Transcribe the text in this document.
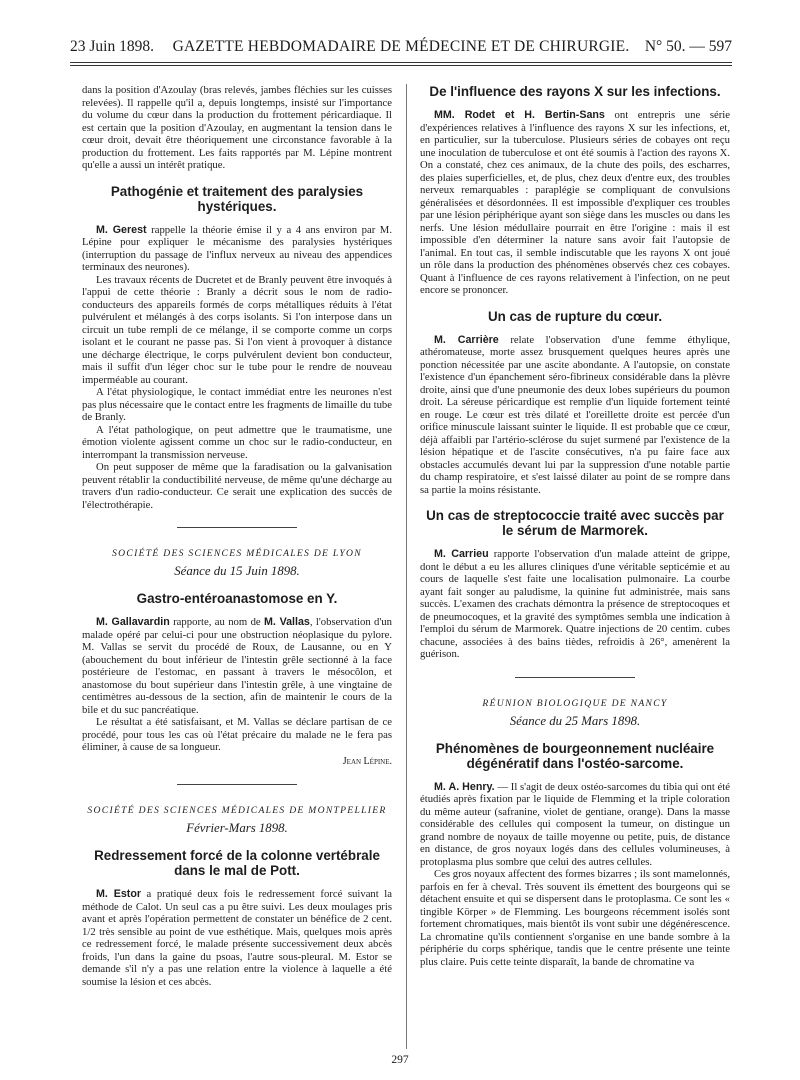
23 Juin 1898.	GAZETTE HEBDOMADAIRE DE MÉDECINE ET DE CHIRURGIE. N° 50. — 597

dans la position d'Azoulay (bras relevés, jambes fléchies sur les cuisses relevées). Il rappelle qu'il a, depuis longtemps, insisté sur l'importance du volume du cœur dans la production du frottement péricardiaque. Il est certain que la position d'Azoulay, en augmentant la tension dans le cœur droit, devait être théoriquement une circonstance favorable à la production du frottement. Les faits rapportés par M. Lépine montrent qu'elle a aussi un intérêt pratique.

Pathogénie et traitement des paralysies hystériques.

M. Gerest rappelle la théorie émise il y a 4 ans environ par M. Lépine pour expliquer le mécanisme des paralysies hystériques (interruption du passage de l'influx nerveux au niveau des appendices terminaux des neurones).

Les travaux récents de Ducretet et de Branly peuvent être invoqués à l'appui de cette théorie : Branly a décrit sous le nom de radio-conducteurs des appareils formés de corps métalliques réduits à l'état pulvérulent et mélangés à des corps isolants. Si l'on interpose dans un circuit un tube rempli de ce mélange, il se comporte comme un corps isolant et le courant ne passe pas. Si l'on vient à provoquer à distance une décharge électrique, le corps pulvérulent devient bon conducteur, mais il suffit d'un léger choc sur le tube pour le rendre de nouveau imperméable au courant.

A l'état physiologique, le contact immédiat entre les neurones n'est pas plus nécessaire que le contact entre les fragments de limaille du tube de Branly.

A l'état pathologique, on peut admettre que le traumatisme, une émotion violente agissent comme un choc sur le radio-conducteur, en interrompant la transmission nerveuse.

On peut supposer de même que la faradisation ou la galvanisation peuvent rétablir la conductibilité nerveuse, de même qu'une décharge au travers d'un radio-conducteur. Ce serait une explication des succès de l'électrothérapie.

SOCIÉTÉ DES SCIENCES MÉDICALES DE LYON
Séance du 15 Juin 1898.
Gastro-entéroanastomose en Y.

M. Gallavardin rapporte, au nom de M. Vallas, l'observation d'un malade opéré par celui-ci pour une obstruction néoplasique du pylore. M. Vallas se servit du procédé de Roux, de Lausanne, ou en Y (abouchement du bout inférieur de l'intestin grêle sectionné à la face postérieure de l'estomac, en passant à travers le mésocôlon, et anastomose du bout supérieur dans l'intestin grêle, à une vingtaine de centimètres au-dessous de la section, afin de maintenir le cours de la bile et du suc pancréatique.

Le résultat a été satisfaisant, et M. Vallas se déclare partisan de ce procédé, pour tous les cas où l'état précaire du malade ne le fera pas éliminer, à cause de sa longueur.

Jean Lépine.

SOCIÉTÉ DES SCIENCES MÉDICALES DE MONTPELLIER
Février-Mars 1898.
Redressement forcé de la colonne vertébrale dans le mal de Pott.

M. Estor a pratiqué deux fois le redressement forcé suivant la méthode de Calot. Un seul cas a pu être suivi. Les deux moulages pris avant et après l'opération permettent de constater un bénéfice de 2 cent. 1/2 très sensible au point de vue esthétique. Mais, quelques mois après ce redressement forcé, le malade présente successivement deux abcès froids, l'un dans la gaine du psoas, l'autre sous-pleural. M. Estor se demande s'il n'y a pas une relation entre la violence à laquelle a été soumise la lésion et ces abcès.

De l'influence des rayons X sur les infections.

MM. Rodet et H. Bertin-Sans ont entrepris une série d'expériences relatives à l'influence des rayons X sur les infections, et, en particulier, sur la tuberculose. Plusieurs séries de cobayes ont reçu une inoculation de tuberculose et ont été soumis à l'action des rayons X. On a constaté, chez ces animaux, de la chute des poils, des escharres, des plaies superficielles, et, de plus, chez deux d'entre eux, des troubles nerveux remarquables : paraplégie se compliquant de convulsions généralisées et désordonnées. Il est impossible d'expliquer ces troubles par une lésion périphérique ayant son siège dans les muscles ou dans les nerfs. Une lésion médullaire pourrait en être l'origine : mais il est impossible d'en déterminer la nature sans avoir fait l'autopsie de l'animal. En tout cas, il semble indiscutable que les rayons X ont joué un rôle dans la production des phénomènes observés chez ces cobayes. Quant à l'influence de ces rayons relativement à l'infection, on ne peut encore se prononcer.

Un cas de rupture du cœur.

M. Carrière relate l'observation d'une femme éthylique, athéromateuse, morte assez brusquement quelques heures après une ponction nécessitée par une ascite abondante. A l'autopsie, on constate l'existence d'un épanchement séro-fibrineux considérable dans la plèvre droite, ainsi que d'une pneumonie des deux lobes supérieurs du poumon droit. La séreuse péricardique est remplie d'un liquide fortement teinté en rouge. Le cœur est très dilaté et l'oreillette droite est percée d'un orifice minuscule laissant suinter le liquide. Il est probable que ce cœur, déjà affaibli par l'artério-sclérose du sujet surmené par l'existence de la lésion hépatique et de l'ascite consécutives, n'a pu faire face aux obstacles accumulés devant lui par la suppression d'une notable partie du champ respiratoire, et s'est laissé dilater au point de se rompre dans sa partie la moins résistante.

Un cas de streptococcie traité avec succès par le sérum de Marmorek.

M. Carrieu rapporte l'observation d'un malade atteint de grippe, dont le début a eu les allures cliniques d'une véritable septicémie et au cours de laquelle s'est faite une localisation pulmonaire. La courbe ayant fait songer au paludisme, la quinine fut administrée, mais sans succès. L'examen des crachats démontra la présence de streptocoques et de pneumocoques, et la gravité des symptômes sembla une indication à l'emploi du sérum de Marmorek. Quatre injections de 20 centim. cubes chacune, associées à des bains tièdes, refroidis à 26°, amenèrent la guérison.

RÉUNION BIOLOGIQUE DE NANCY
Séance du 25 Mars 1898.
Phénomènes de bourgeonnement nucléaire dégénératif dans l'ostéo-sarcome.

M. A. Henry. — Il s'agit de deux ostéo-sarcomes du tibia qui ont été étudiés après fixation par le liquide de Flemming et la triple coloration du même auteur (safranine, violet de gentiane, orange). Dans la masse considérable des cellules qui composent la tumeur, on distingue un grand nombre de noyaux de taille moyenne ou petite, puis, de distance en distance, de gros noyaux logés dans des cellules volumineuses, à protoplasma plus sombre que celui des autres cellules.

Ces gros noyaux affectent des formes bizarres ; ils sont mamelonnés, parfois en fer à cheval. Très souvent ils émettent des bourgeons qui se détachent ensuite et qui se dispersent dans le protoplasma. Ce sont les « tingible Körper » de Flemming. Les bourgeons récemment isolés sont fortement chromatiques, mais bientôt ils vont subir une dégénérescence. La chromatine qu'ils contiennent s'organise en une bande sombre à la périphérie du corps sphérique, tandis que le centre présente une teinte plus claire. Puis cette teinte disparaît, la bande de chromatine va

297
